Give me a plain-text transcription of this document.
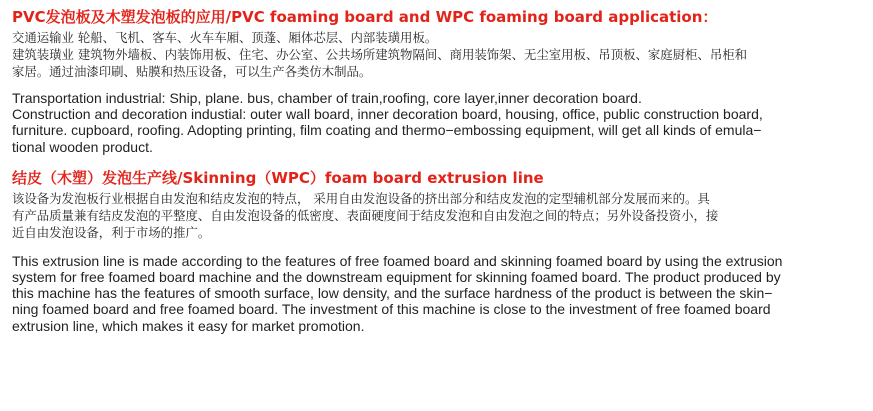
PVC发泡板及木塑发泡板的应用/PVC foaming board and WPC foaming board application：

交通运输业 轮船、飞机、客车、火车车厢、顶蓬、厢体芯层、内部装璜用板。

建筑装璜业 建筑物外墙板、内装饰用板、住宅、办公室、公共场所建筑物隔间、商用装饰架、无尘室用板、吊顶板、家庭厨柜、吊柜和

家居。通过油漆印刷、贴膜和热压设备，可以生产各类仿木制品。

Transportation industrial: Ship, plane. bus, chamber of train,roofing, core layer,inner decoration board.

Construction and decoration industial: outer wall board, inner decoration board, housing, office, public construction board,

furniture. cupboard, roofing. Adopting printing, film coating and thermo−embossing equipment, will get all kinds of emula−

tional wooden product.

结皮（木塑）发泡生产线/Skinning（WPC）foam board extrusion line

该设备为发泡板行业根据自由发泡和结皮发泡的特点， 采用自由发泡设备的挤出部分和结皮发泡的定型辅机部分发展而来的。具

有产品质量兼有结皮发泡的平整度、自由发泡设备的低密度、表面硬度间于结皮发泡和自由发泡之间的特点；另外设备投资小，接

近自由发泡设备，利于市场的推广。

This extrusion line is made according to the features of free foamed board and skinning foamed board by using the extrusion

system for free foamed board machine and the downstream equipment for skinning foamed board. The product produced by

this machine has the features of smooth surface, low density, and the surface hardness of the product is between the skin−

ning foamed board and free foamed board. The investment of this machine is close to the investment of free foamed board

extrusion line, which makes it easy for market promotion.
